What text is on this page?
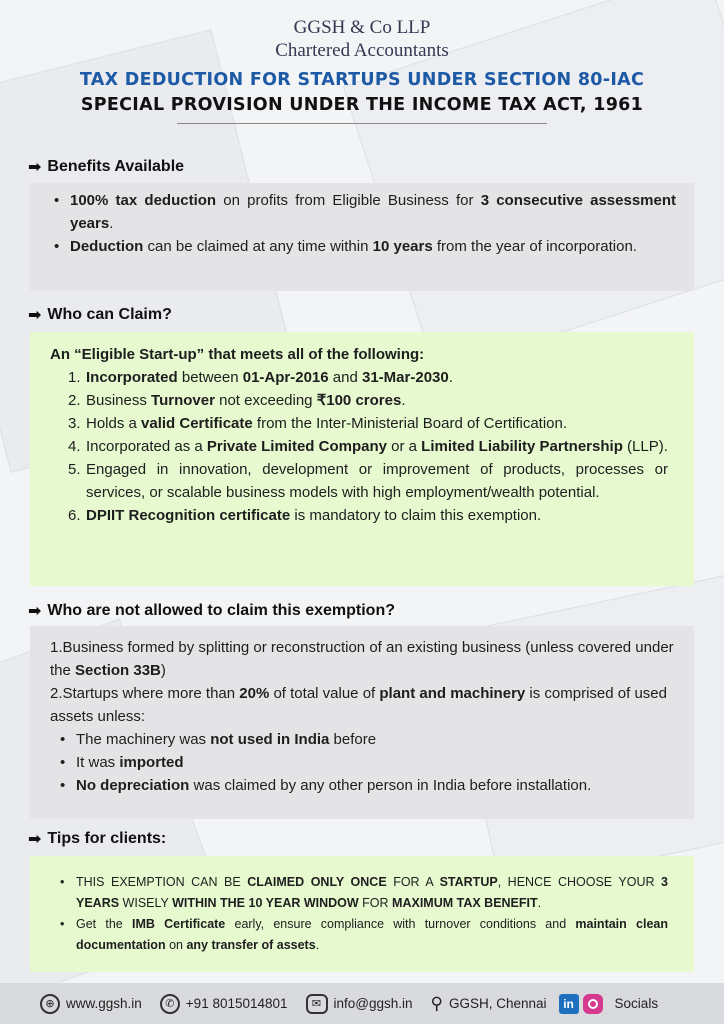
GGSH & Co LLP
Chartered Accountants
TAX DEDUCTION FOR STARTUPS UNDER SECTION 80-IAC
SPECIAL PROVISION UNDER THE INCOME TAX ACT, 1961
➡ Benefits Available
• 100% tax deduction on profits from Eligible Business for 3 consecutive assessment years.
• Deduction can be claimed at any time within 10 years from the year of incorporation.
➡ Who can Claim?
An “Eligible Start-up” that meets all of the following:
1. Incorporated between 01-Apr-2016 and 31-Mar-2030.
2. Business Turnover not exceeding ₹100 crores.
3. Holds a valid Certificate from the Inter-Ministerial Board of Certification.
4. Incorporated as a Private Limited Company or a Limited Liability Partnership (LLP).
5. Engaged in innovation, development or improvement of products, processes or services, or scalable business models with high employment/wealth potential.
6. DPIIT Recognition certificate is mandatory to claim this exemption.
➡ Who are not allowed to claim this exemption?
1.Business formed by splitting or reconstruction of an existing business (unless covered under the Section 33B)
2.Startups where more than 20% of total value of plant and machinery is comprised of used assets unless:
• The machinery was not used in India before
• It was imported
• No depreciation was claimed by any other person in India before installation.
➡ Tips for clients:
• THIS EXEMPTION CAN BE CLAIMED ONLY ONCE FOR A STARTUP, HENCE CHOOSE YOUR 3 YEARS WISELY WITHIN THE 10 YEAR WINDOW FOR MAXIMUM TAX BENEFIT.
• Get the IMB Certificate early, ensure compliance with turnover conditions and maintain clean documentation on any transfer of assets.
⊕ www.ggsh.in	✆ +91 8015014801	✉ info@ggsh.in ⚲ GGSH, Chennai	in	Socials
